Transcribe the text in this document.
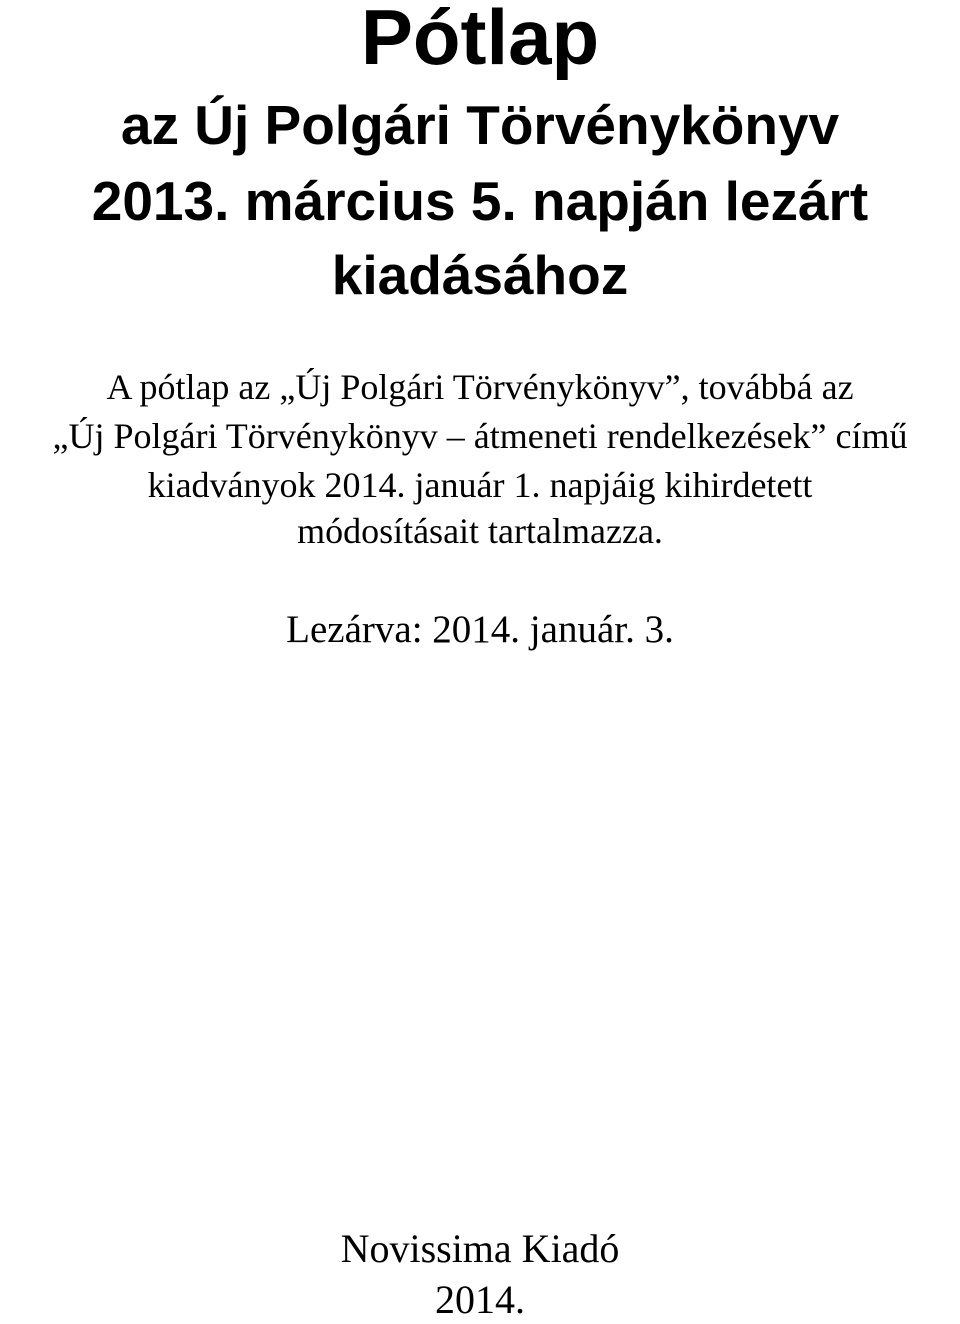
Pótlap

az Új Polgári Törvénykönyv

2013. március 5. napján lezárt

kiadásához

A pótlap az „Új Polgári Törvénykönyv”, továbbá az

„Új Polgári Törvénykönyv – átmeneti rendelkezések” című

kiadványok 2014. január 1. napjáig kihirdetett

módosításait tartalmazza.

Lezárva: 2014. január. 3.

Novissima Kiadó

2014.
